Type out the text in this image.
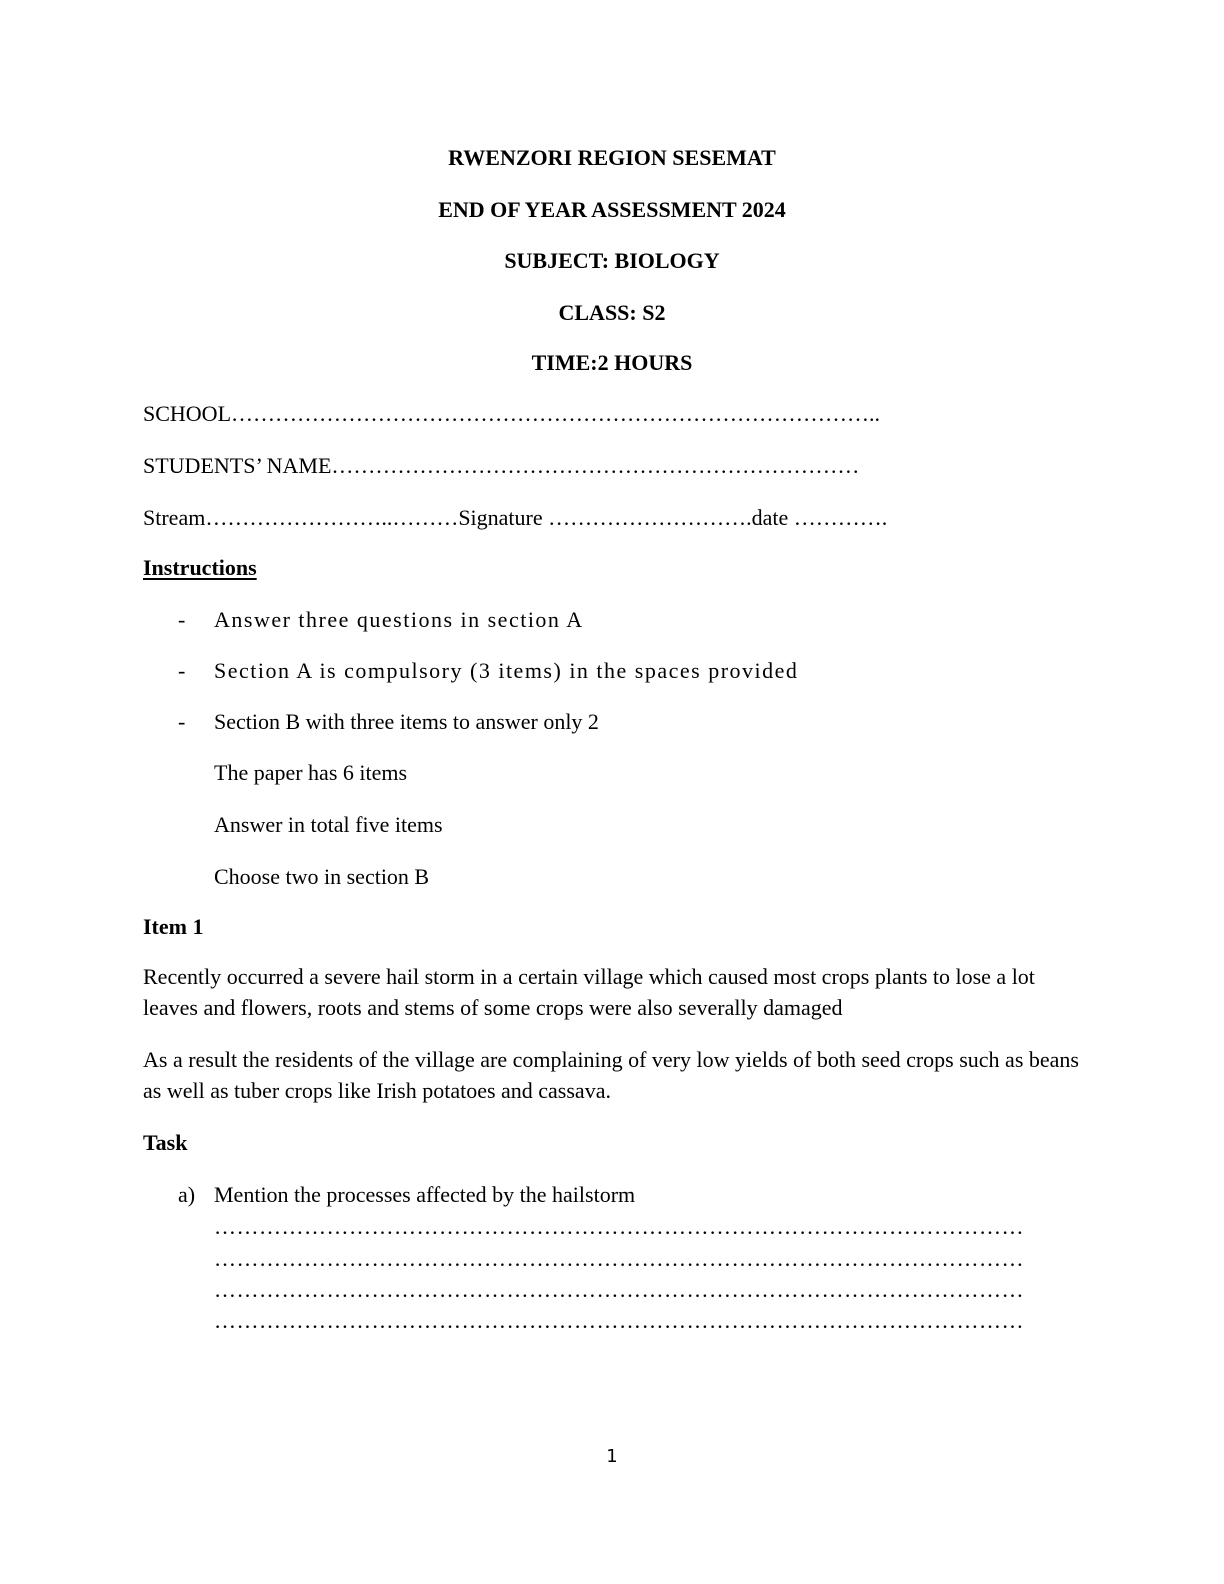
RWENZORI REGION SESEMAT
END OF YEAR ASSESSMENT 2024
SUBJECT: BIOLOGY
CLASS: S2
TIME:2 HOURS
SCHOOL……………………………………………………………………………..
STUDENTS’ NAME………………………………………………………………
Stream……………………..………Signature ……………………….date ………….
Instructions
- Answer three questions in section A
- Section A is compulsory (3 items) in the spaces provided
- Section B with three items to answer only 2
The paper has 6 items
Answer in total five items
Choose two in section B
Item 1
Recently occurred a severe hail storm in a certain village which caused most crops plants to lose a lot leaves and flowers, roots and stems of some crops were also severally damaged
As a result the residents of the village are complaining of very low yields of both seed crops such as beans as well as tuber crops like Irish potatoes and cassava.
Task
a) Mention the processes affected by the hailstorm
………………………………………………………………………………………………
………………………………………………………………………………………………
………………………………………………………………………………………………
………………………………………………………………………………………………
1
